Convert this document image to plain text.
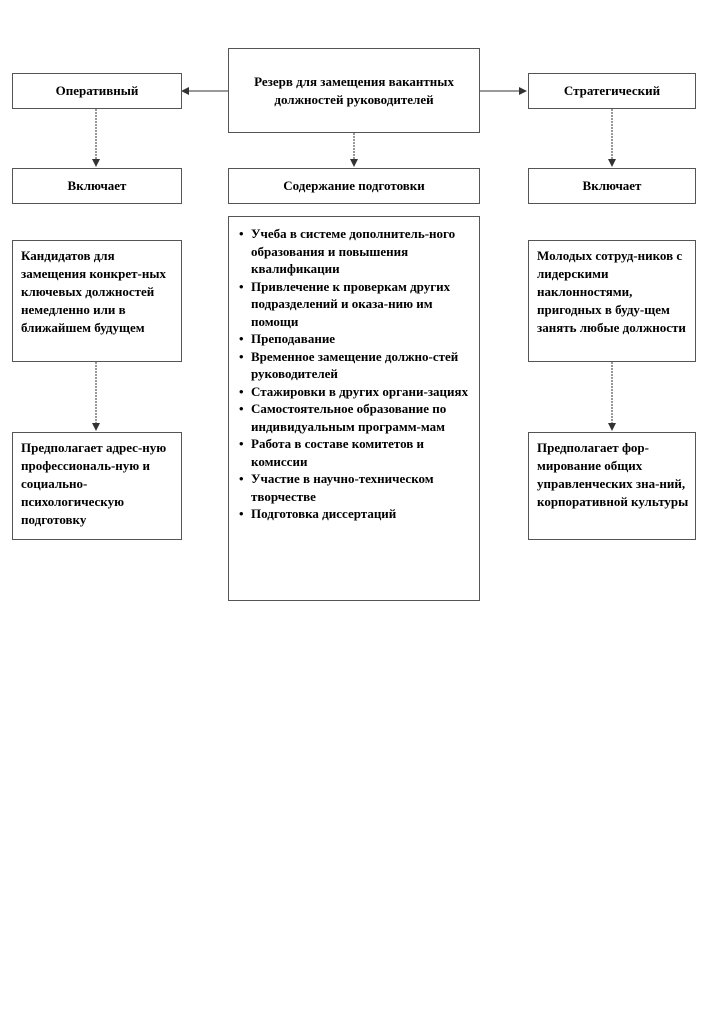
Резерв для замещения вакантных должностей руководителей
Оперативный
Включает
Кандидатов для замещения конкрет-ных ключевых должностей немедленно или в ближайшем будущем
Предполагает адрес-ную профессиональ-ную и социально-психологическую подготовку
Содержание подготовки
• Учеба в системе дополнитель-ного образования и повышения квалификации
• Привлечение к проверкам других подразделений и оказа-нию им помощи
• Преподавание
• Временное замещение должно-стей руководителей
• Стажировки в других органи-зациях
• Самостоятельное образование по индивидуальным программ-мам
• Работа в составе комитетов и комиссии
• Участие в научно-техническом творчестве
• Подготовка диссертаций
Стратегический
Включает
Молодых сотруд-ников с лидерскими наклонностями, пригодных в буду-щем занять любые должности
Предполагает фор-мирование общих управленческих зна-ний, корпоративной культуры
